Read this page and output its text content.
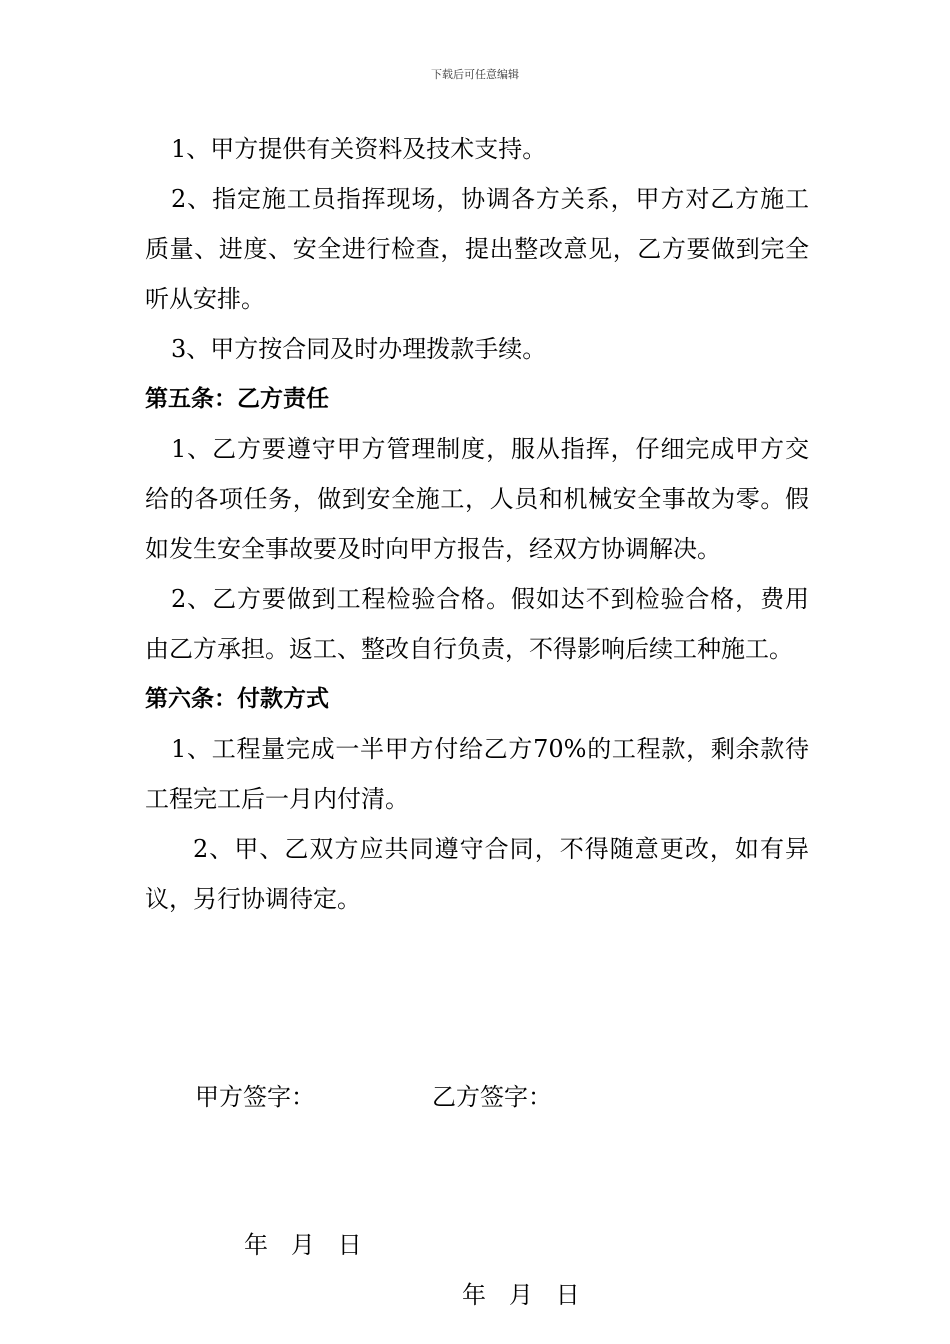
下载后可任意编辑

1、甲方提供有关资料及技术支持。

2、指定施工员指挥现场，协调各方关系，甲方对乙方施工质量、进度、安全进行检查，提出整改意见，乙方要做到完全听从安排。

3、甲方按合同及时办理拨款手续。

第五条：乙方责任

1、乙方要遵守甲方管理制度，服从指挥，仔细完成甲方交给的各项任务，做到安全施工，人员和机械安全事故为零。假如发生安全事故要及时向甲方报告，经双方协调解决。

2、乙方要做到工程检验合格。假如达不到检验合格，费用由乙方承担。返工、整改自行负责，不得影响后续工种施工。

第六条：付款方式

1、工程量完成一半甲方付给乙方70%的工程款，剩余款待工程完工后一月内付清。

2、甲、乙双方应共同遵守合同，不得随意更改，如有异议，另行协调待定。

甲方签字：	乙方签字：

年   月   日

年   月   日
